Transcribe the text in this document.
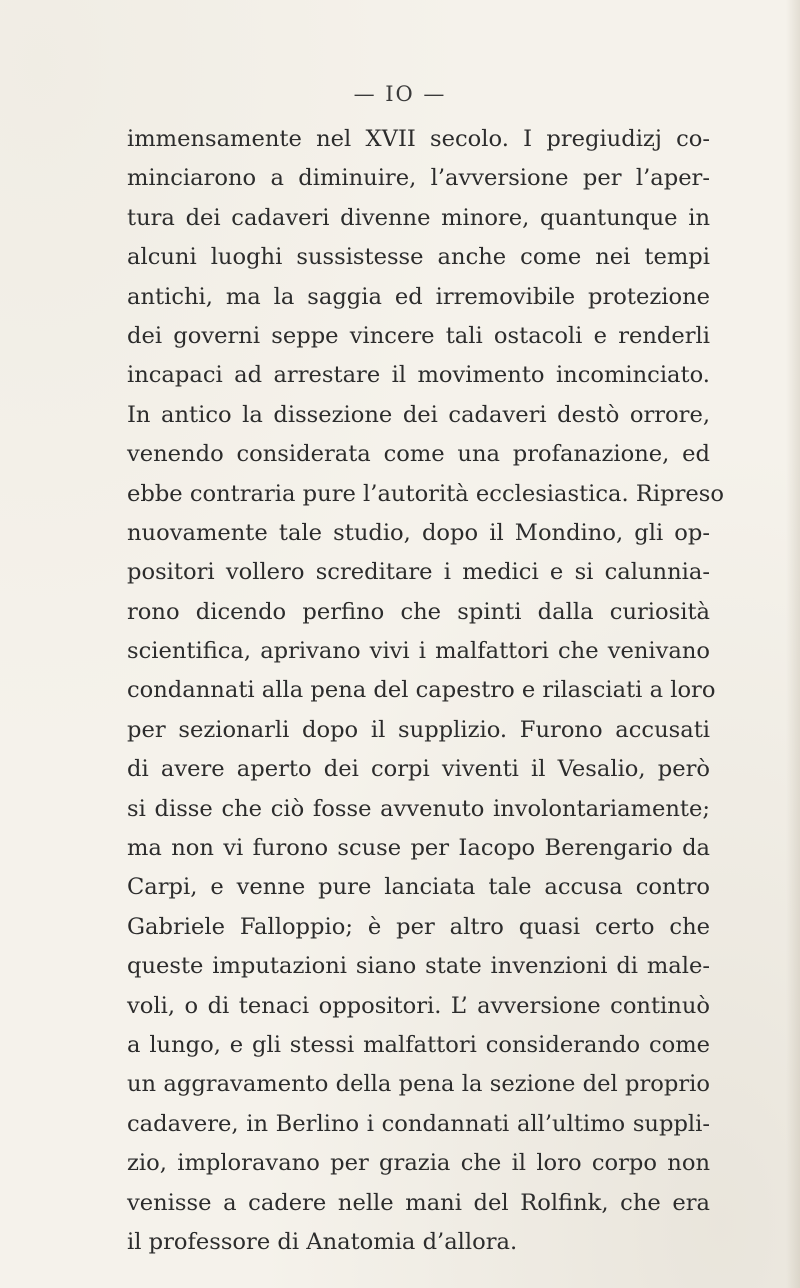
— IO —
immensamente nel XVII secolo. I pregiudizj co-
minciarono a diminuire, l’avversione per l’aper-
tura dei cadaveri divenne minore, quantunque in
alcuni luoghi sussistesse anche come nei tempi
antichi, ma la saggia ed irremovibile protezione
dei governi seppe vincere tali ostacoli e renderli
incapaci ad arrestare il movimento incominciato.
In antico la dissezione dei cadaveri destò orrore,
venendo considerata come una profanazione, ed
ebbe contraria pure l’autorità ecclesiastica. Ripreso
nuovamente tale studio, dopo il Mondino, gli op-
positori vollero screditare i medici e si calunnia-
rono dicendo perfino che spinti dalla curiosità
scientifica, aprivano vivi i malfattori che venivano
condannati alla pena del capestro e rilasciati a loro
per sezionarli dopo il supplizio. Furono accusati
di avere aperto dei corpi viventi il Vesalio, però
si disse che ciò fosse avvenuto involontariamente;
ma non vi furono scuse per Iacopo Berengario da
Carpi, e venne pure lanciata tale accusa contro
Gabriele Falloppio; è per altro quasi certo che
queste imputazioni siano state invenzioni di male-
voli, o di tenaci oppositori. L’ avversione continuò
a lungo, e gli stessi malfattori considerando come
un aggravamento della pena la sezione del proprio
cadavere, in Berlino i condannati all’ultimo suppli-
zio, imploravano per grazia che il loro corpo non
venisse a cadere nelle mani del Rolfink, che era
il professore di Anatomia d’allora.
